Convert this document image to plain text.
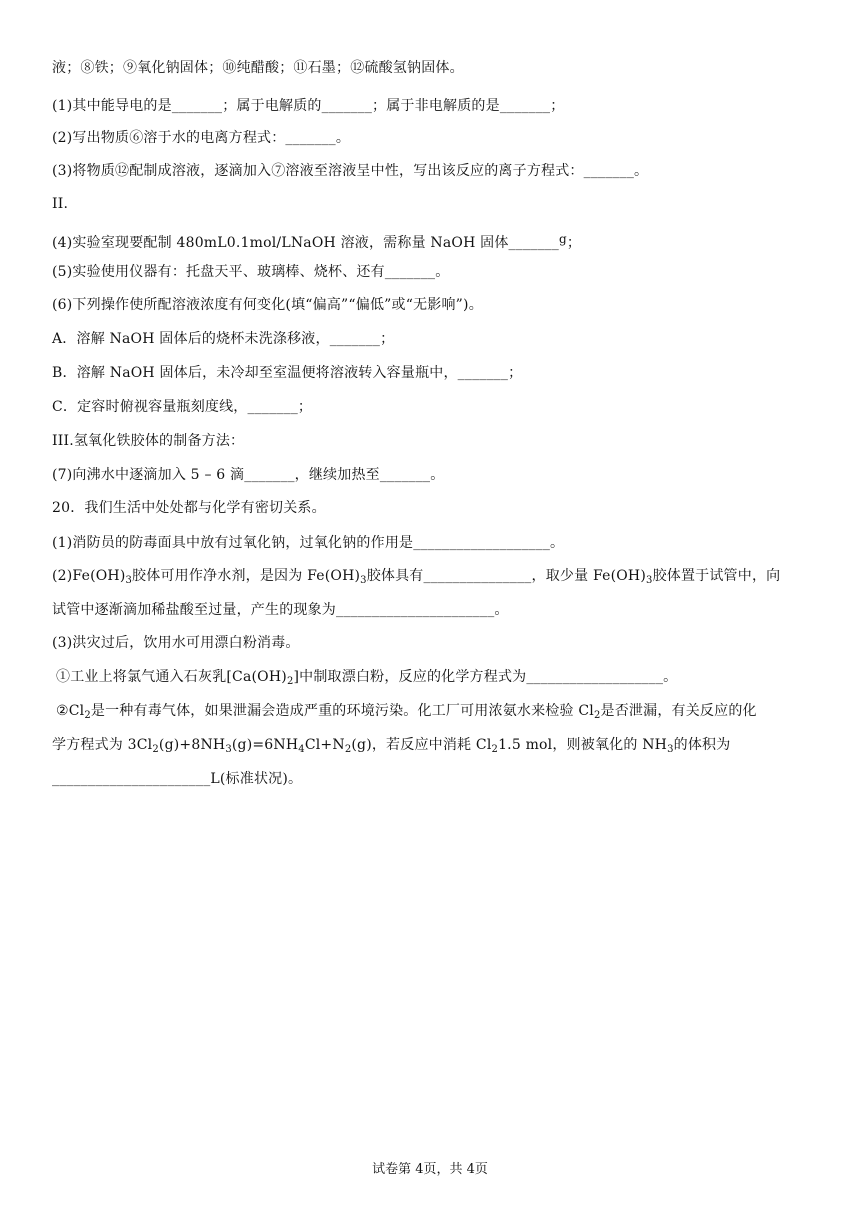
液；⑧铁；⑨氧化钠固体；⑩纯醋酸；⑪石墨；⑫硫酸氢钠固体。
(1)其中能导电的是_______；属于电解质的_______；属于非电解质的是_______；
(2)写出物质⑥溶于水的电离方程式：_______。
(3)将物质⑫配制成溶液，逐滴加入⑦溶液至溶液呈中性，写出该反应的离子方程式：_______。
II.
(4)实验室现要配制 480mL0.1mol/LNaOH 溶液，需称量 NaOH 固体_______g；
(5)实验使用仪器有：托盘天平、玻璃棒、烧杯、还有_______。
(6)下列操作使所配溶液浓度有何变化(填“偏高”“偏低”或“无影响”)。
A．溶解 NaOH 固体后的烧杯未洗涤移液，_______；
B．溶解 NaOH 固体后，未冷却至室温便将溶液转入容量瓶中，_______；
C．定容时俯视容量瓶刻度线，_______；
III.氢氧化铁胶体的制备方法：
(7)向沸水中逐滴加入 5 – 6 滴_______，继续加热至_______。
20．我们生活中处处都与化学有密切关系。
(1)消防员的防毒面具中放有过氧化钠，过氧化钠的作用是___________________。
$(2)Fe(OH)_3$胶体可用作净水剂，是因为 $Fe(OH)_3$胶体具有_______________，取少量 $Fe(OH)_3$胶体置于试管中，向
试管中逐渐滴加稀盐酸至过量，产生的现象为______________________。
(3)洪灾过后，饮用水可用漂白粉消毒。
①工业上将氯气通入石灰乳$[Ca(OH)_2]$中制取漂白粉，反应的化学方程式为___________________。
$②Cl_2$是一种有毒气体，如果泄漏会造成严重的环境污染。化工厂可用浓氨水来检验 $Cl_2$是否泄漏，有关反应的化
学方程式为 $3Cl_2(g)+8NH_3(g)=6NH_4Cl+N_2(g)$，若反应中消耗 $Cl_21.5$ mol，则被氧化的 $NH_3$的体积为
______________________L(标准状况)。
试卷第 4页，共 4页
